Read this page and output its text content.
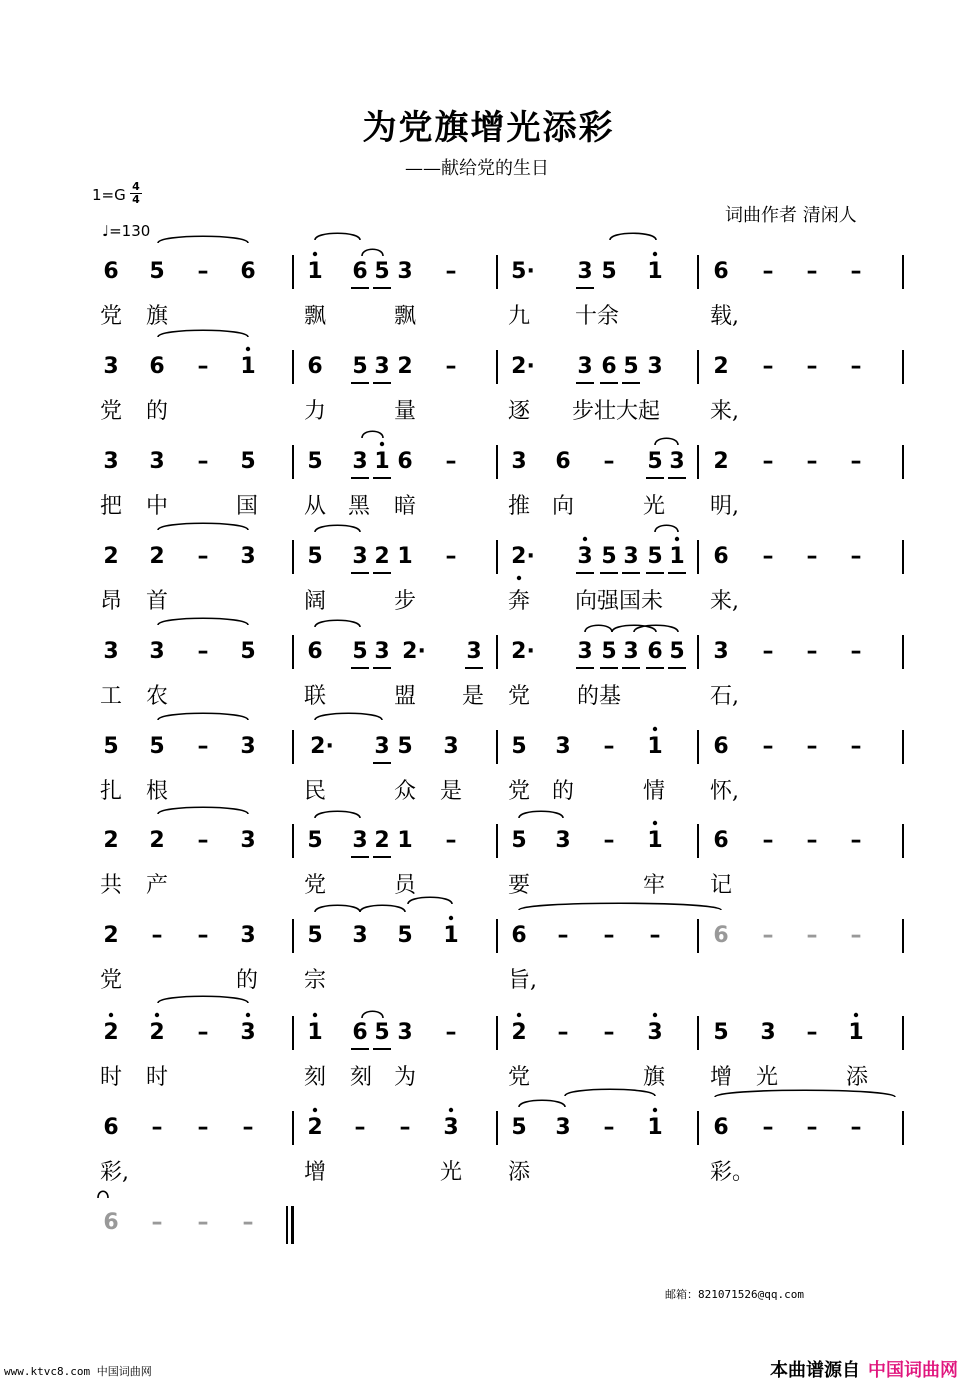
为党旗增光添彩
——献给党的生日
$1=G \frac{4}{4}$
♩=130
词曲作者 清闲人
6 5 – 6 1 6 5 3 – 5· 3 5 1 6 – – –
党 旗	飘	飘	九 十余	载,
3 6 – 1 6 5 3 2 – 2· 3 6 5 3 2 – – –
党 的	力	量	逐 步壮大起 来,
3 3 – 5 5 3 1 6 – 3 6 – 5 3 2 – – –
把 中	国 从 黑 暗	推 向	光 明,
2 2 – 3 5 3 2 1 – 2· 3 5 3 5 1 6 – – –
昂 首	阔	步	奔 向强国未 来,
3 3 – 5 6 5 3 2· 3 2· 3 5 3 6 5 3 – – –
工 农	联	盟 是 党 的基	石,
5 5 – 3 2· 3 5 3 5 3 – 1 6 – – –
扎 根	民	众 是 党 的	情 怀,
2 2 – 3 5 3 2 1 – 5 3 – 1 6 – – –
共 产	党	员	要	牢 记
2 – – 3 5 3 5 1 6 – – – 6 – – –
党	的 宗	旨,
2 2 – 3 1 6 5 3 – 2 – – 3 5 3 – 1
时 时	刻 刻 为	党	旗 增 光	添
6 – – – 2 – – 3 5 3 – 1 6 – – –
彩,	增	光 添	彩。
6 – – –
邮箱：821071526@qq.com
www.ktvc8.com 中国词曲网	本曲谱源自 中国词曲网
